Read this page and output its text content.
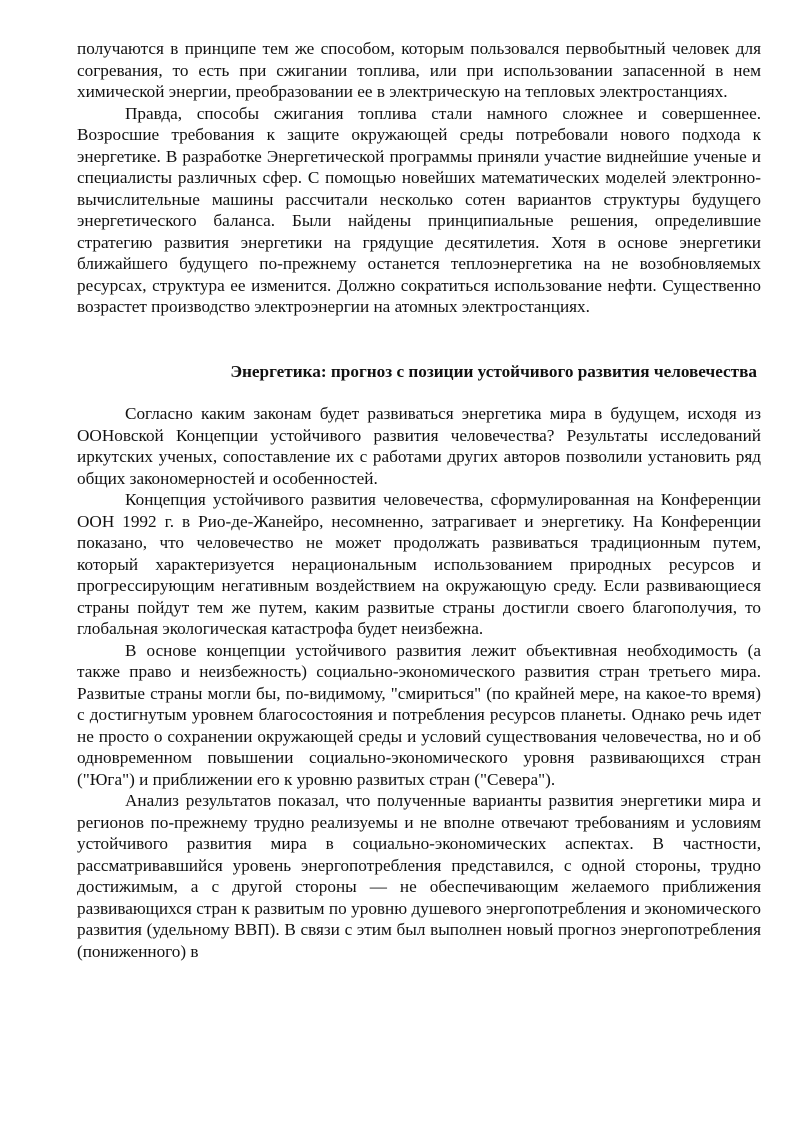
получаются в принципе тем же способом, которым пользовался первобытный человек для согревания, то есть при сжигании топлива, или при использовании запасенной в нем химической энергии, преобразовании ее в электрическую на тепловых электростанциях.

Правда, способы сжигания топлива стали намного сложнее и совершеннее. Возросшие требования к защите окружающей среды потребовали нового подхода к энергетике. В разработке Энергетической программы приняли участие виднейшие ученые и специалисты различных сфер. С помощью новейших математических моделей электронно-вычислительные машины рассчитали несколько сотен вариантов структуры будущего энергетического баланса. Были найдены принципиальные решения, определившие стратегию развития энергетики на грядущие десятилетия. Хотя в основе энергетики ближайшего будущего по-прежнему останется теплоэнергетика на не возобновляемых ресурсах, структура ее изменится. Должно сократиться использование нефти. Существенно возрастет производство электроэнергии на атомных электростанциях.

Энергетика: прогноз с позиции устойчивого развития человечества

Согласно каким законам будет развиваться энергетика мира в будущем, исходя из ООНовской Концепции устойчивого развития человечества? Результаты исследований иркутских ученых, сопоставление их с работами других авторов позволили установить ряд общих закономерностей и особенностей.

Концепция устойчивого развития человечества, сформулированная на Конференции ООН 1992 г. в Рио-де-Жанейро, несомненно, затрагивает и энергетику. На Конференции показано, что человечество не может продолжать развиваться традиционным путем, который характеризуется нерациональным использованием природных ресурсов и прогрессирующим негативным воздействием на окружающую среду. Если развивающиеся страны пойдут тем же путем, каким развитые страны достигли своего благополучия, то глобальная экологическая катастрофа будет неизбежна.

В основе концепции устойчивого развития лежит объективная необходимость (а также право и неизбежность) социально-экономического развития стран третьего мира. Развитые страны могли бы, по-видимому, "смириться" (по крайней мере, на какое-то время) с достигнутым уровнем благосостояния и потребления ресурсов планеты. Однако речь идет не просто о сохранении окружающей среды и условий существования человечества, но и об одновременном повышении социально-экономического уровня развивающихся стран ("Юга") и приближении его к уровню развитых стран ("Севера").

Анализ результатов показал, что полученные варианты развития энергетики мира и регионов по-прежнему трудно реализуемы и не вполне отвечают требованиям и условиям устойчивого развития мира в социально-экономических аспектах. В частности, рассматривавшийся уровень энергопотребления представился, с одной стороны, трудно достижимым, а с другой стороны — не обеспечивающим желаемого приближения развивающихся стран к развитым по уровню душевого энергопотребления и экономического развития (удельному ВВП). В связи с этим был выполнен новый прогноз энергопотребления (пониженного) в
